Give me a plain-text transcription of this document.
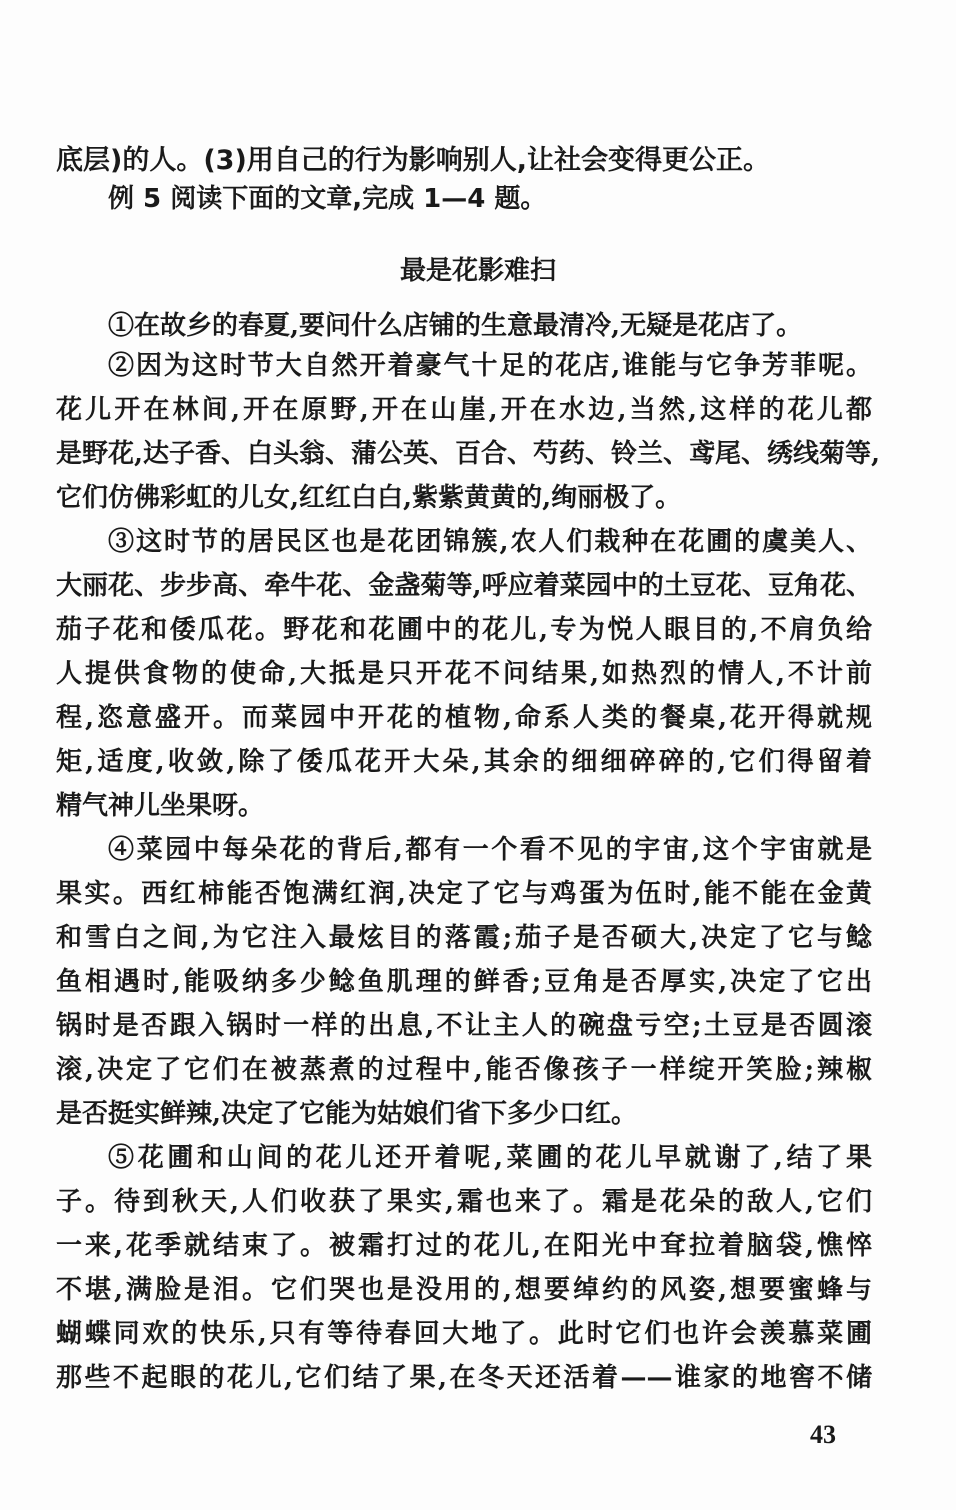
底层)的人。(3)用自己的行为影响别人,让社会变得更公正。
例 5 阅读下面的文章,完成 1—4 题。
最是花影难扫
①在故乡的春夏,要问什么店铺的生意最清冷,无疑是花店了。
②因为这时节大自然开着豪气十足的花店,谁能与它争芳菲呢。
花儿开在林间,开在原野,开在山崖,开在水边,当然,这样的花儿都
是野花,达子香、白头翁、蒲公英、百合、芍药、铃兰、鸢尾、绣线菊等,
它们仿佛彩虹的儿女,红红白白,紫紫黄黄的,绚丽极了。
③这时节的居民区也是花团锦簇,农人们栽种在花圃的虞美人、
大丽花、步步高、牵牛花、金盏菊等,呼应着菜园中的土豆花、豆角花、
茄子花和倭瓜花。野花和花圃中的花儿,专为悦人眼目的,不肩负给
人提供食物的使命,大抵是只开花不问结果,如热烈的情人,不计前
程,恣意盛开。而菜园中开花的植物,命系人类的餐桌,花开得就规
矩,适度,收敛,除了倭瓜花开大朵,其余的细细碎碎的,它们得留着
精气神儿坐果呀。
④菜园中每朵花的背后,都有一个看不见的宇宙,这个宇宙就是
果实。西红柿能否饱满红润,决定了它与鸡蛋为伍时,能不能在金黄
和雪白之间,为它注入最炫目的落霞;茄子是否硕大,决定了它与鲶
鱼相遇时,能吸纳多少鲶鱼肌理的鲜香;豆角是否厚实,决定了它出
锅时是否跟入锅时一样的出息,不让主人的碗盘亏空;土豆是否圆滚
滚,决定了它们在被蒸煮的过程中,能否像孩子一样绽开笑脸;辣椒
是否挺实鲜辣,决定了它能为姑娘们省下多少口红。
⑤花圃和山间的花儿还开着呢,菜圃的花儿早就谢了,结了果
子。待到秋天,人们收获了果实,霜也来了。霜是花朵的敌人,它们
一来,花季就结束了。被霜打过的花儿,在阳光中耷拉着脑袋,憔悴
不堪,满脸是泪。它们哭也是没用的,想要绰约的风姿,想要蜜蜂与
蝴蝶同欢的快乐,只有等待春回大地了。此时它们也许会羡慕菜圃
那些不起眼的花儿,它们结了果,在冬天还活着——谁家的地窖不储
43
